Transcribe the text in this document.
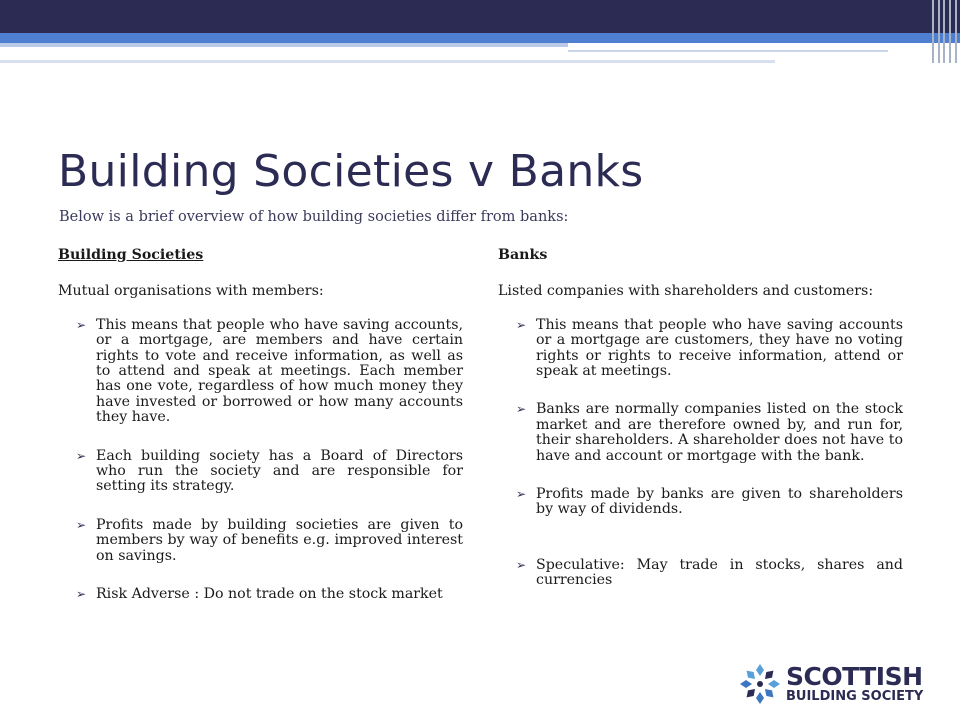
Building Societies v Banks
Below is a brief overview of how building societies differ from banks:

Building Societies

Mutual organisations with members:
➢ This means that people who have saving accounts, or a mortgage, are members and have certain rights to vote and receive information, as well as to attend and speak at meetings. Each member has one vote, regardless of how much money they have invested or borrowed or how many accounts they have.
➢ Each building society has a Board of Directors who run the society and are responsible for setting its strategy.
➢ Profits made by building societies are given to members by way of benefits e.g. improved interest on savings.
➢ Risk Adverse : Do not trade on the stock market

Banks

Listed companies with shareholders and customers:
➢ This means that people who have saving accounts or a mortgage are customers, they have no voting rights or rights to receive information, attend or speak at meetings.
➢ Banks are normally companies listed on the stock market and are therefore owned by, and run for, their shareholders. A shareholder does not have to have and account or mortgage with the bank.
➢ Profits made by banks are given to shareholders by way of dividends.
➢ Speculative: May trade in stocks, shares and currencies
SCOTTISH
BUILDING SOCIETY
